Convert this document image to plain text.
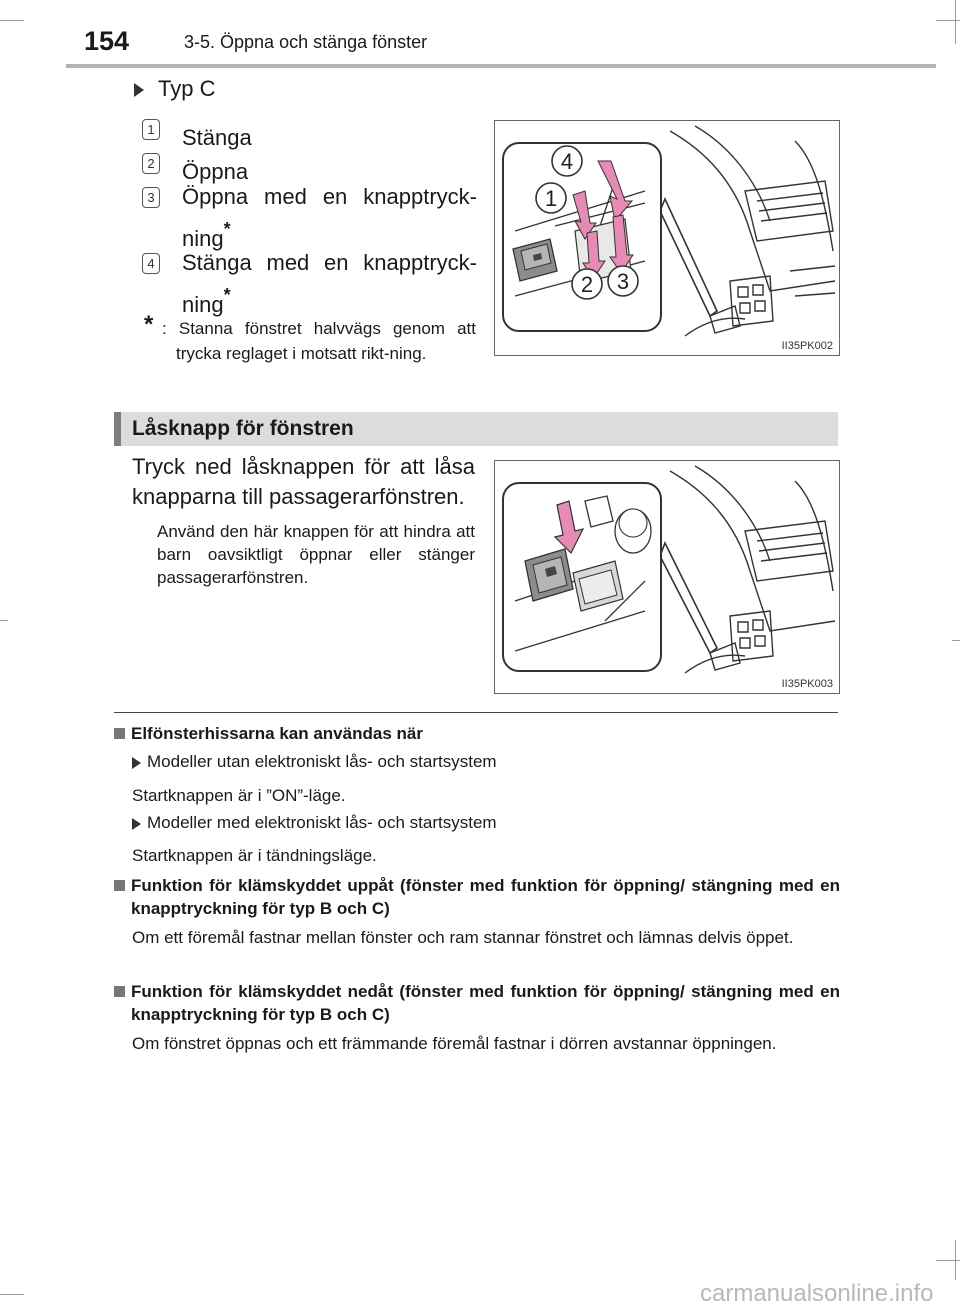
154	3-5. Öppna och stänga fönster
Typ C
1 Stänga
2 Öppna
3 Öppna med en knapptryck-ning*
4 Stänga med en knapptryck-ning*
* : Stanna fönstret halvvägs genom att trycka reglaget i motsatt rikt-ning.
4
1
2 3
II35PK002
Låsknapp för fönstren
Tryck ned låsknappen för att låsa knapparna till passagerarfönstren.
Använd den här knappen för att hindra att barn oavsiktligt öppnar eller stänger passagerarfönstren.
II35PK003
Elfönsterhissarna kan användas när
Modeller utan elektroniskt lås- och startsystem
Startknappen är i ”ON”-läge.
Modeller med elektroniskt lås- och startsystem
Startknappen är i tändningsläge.
Funktion för klämskyddet uppåt (fönster med funktion för öppning/ stängning med en knapptryckning för typ B och C)
Om ett föremål fastnar mellan fönster och ram stannar fönstret och lämnas delvis öppet.
Funktion för klämskyddet nedåt (fönster med funktion för öppning/ stängning med en knapptryckning för typ B och C)
Om fönstret öppnas och ett främmande föremål fastnar i dörren avstannar öppningen.
carmanualsonline.info
